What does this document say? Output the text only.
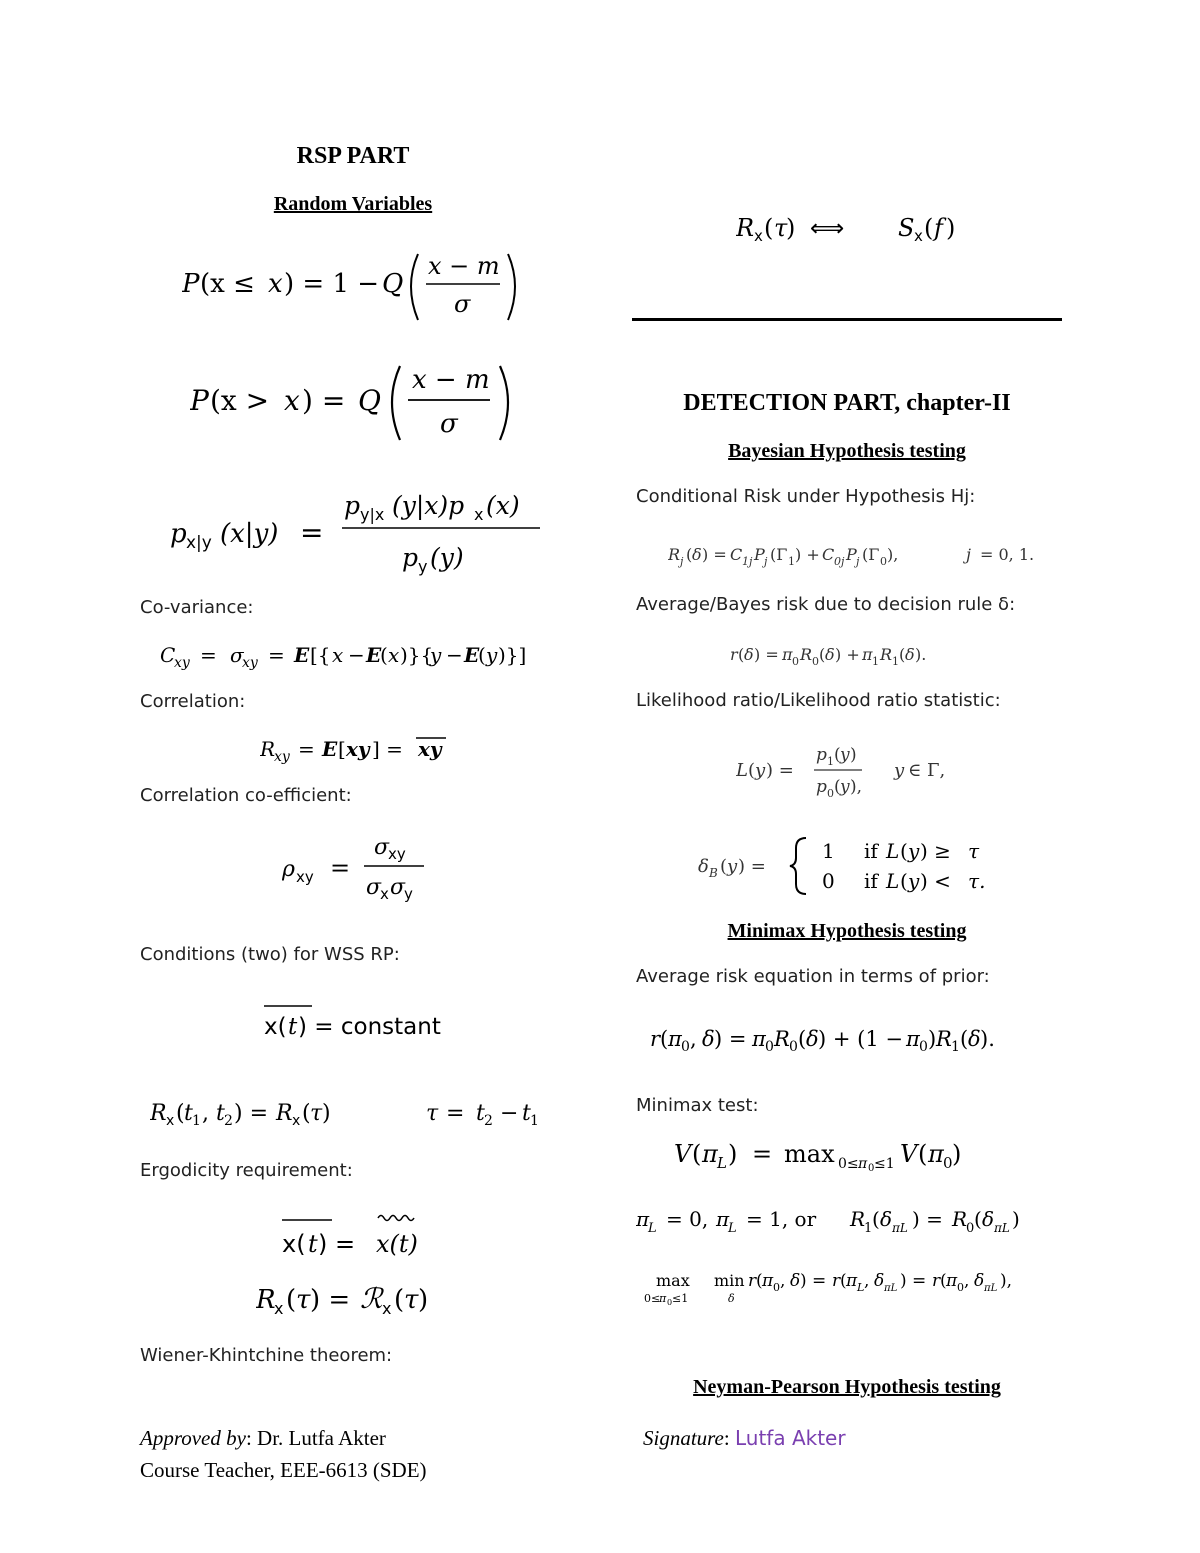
RSP PART
Random Variables
P (x ≤ x ) = 1 − Q
x − m
σ
P (x > x ) = Q
x − m
σ
p x|y (x|y) =
p y|x (y|x)p x (x)
p y (y)
Co-variance:
C
xy = σ
xy = E [{ x − E
( x )}{
y − E
( y )}]
Correlation:
R
xy = E [ xy ] = xy
Correlation co-efficient:
ρ xy =
σ
xy
σ
x σ
y
Conditions (two) for WSS RP:
x( t ) = constant
R x ( t 1 , t 2 ) = R x ( τ )	τ = t 2 − t 1
Ergodicity requirement:
x( t ) = x(t)
R
x ( τ ) = ℛ x ( τ )
Wiener-Khintchine theorem:
Approved by: Dr. Lutfa Akter
Course Teacher, EEE-6613 (SDE)
R x ( τ
) ⟺ S x ( f )
DETECTION PART, chapter-II
Bayesian Hypothesis testing
Conditional Risk under Hypothesis Hj:
R j ( δ ) = C 1j P j (Γ 1 ) + C 0j P j (Γ 0 ),	j = 0, 1.
Average/Bayes risk due to decision rule δ:
r ( δ ) = π 0 R 0 ( δ ) + π 1 R 1 ( δ ).
Likelihood ratio/Likelihood ratio statistic:
L ( y ) =
p 1 ( y )
p 0 ( y ),
y ∈ Γ,
δ B ( y ) =
1 if L ( y ) ≥ τ
0 if L ( y ) < τ.
Minimax Hypothesis testing
Average risk equation in terms of prior:
r ( π 0 , δ ) = π 0 R 0 ( δ ) + (1 − π 0 ) R 1 ( δ ).
Minimax test:
V ( π L ) = max 0≤ π 0 ≤1 V ( π 0 )
π
L = 0, π
L = 1, or R
1 ( δ πL ) = R
0 ( δ πL )
max
0≤
π 0 ≤1
min
δ
r ( π 0 , δ ) = r ( π L , δ πL ) = r ( π 0 , δ πL ),
Neyman-Pearson Hypothesis testing
Signature: Lutfa Akter
